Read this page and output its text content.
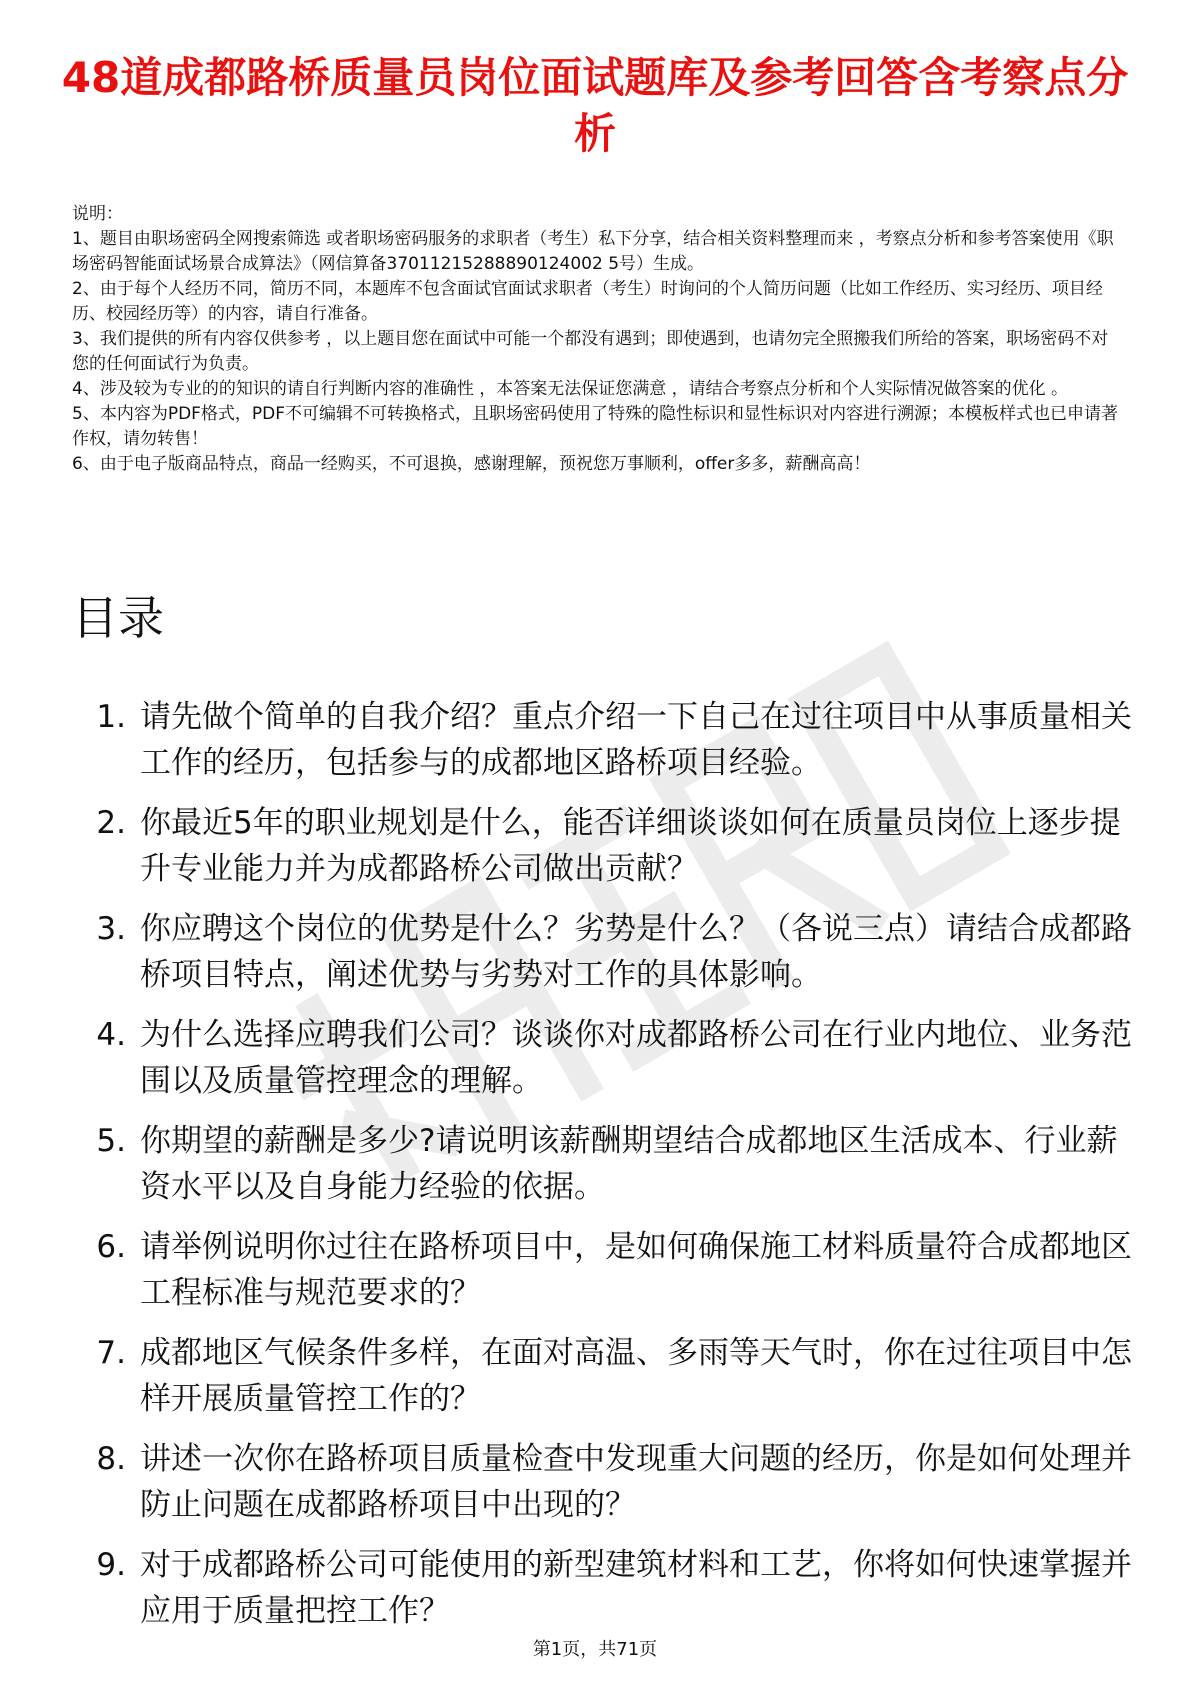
48道成都路桥质量员岗位面试题库及参考回答含考察点分析

说明：

1、题目由职场密码全网搜索筛选 或者职场密码服务的求职者（考生）私下分享，结合相关资料整理而来 ，考察点分析和参考答案使用《职场密码智能面试场景合成算法》（网信算备37011215288890124002 5号）生成。

2、由于每个人经历不同，简历不同，本题库不包含面试官面试求职者（考生）时询问的个人简历问题（比如工作经历、实习经历、项目经历、校园经历等）的内容，请自行准备。

3、我们提供的所有内容仅供参考 ，以上题目您在面试中可能一个都没有遇到；即使遇到，也请勿完全照搬我们所给的答案，职场密码不对您的任何面试行为负责。

4、涉及较为专业的的知识的请自行判断内容的准确性 ，本答案无法保证您满意 ，请结合考察点分析和个人实际情况做答案的优化 。

5、本内容为PDF格式，PDF不可编辑不可转换格式，且职场密码使用了特殊的隐性标识和显性标识对内容进行溯源；本模板样式也已申请著作权，请勿转售！

6、由于电子版商品特点，商品一经购买，不可退换，感谢理解，预祝您万事顺利，offer多多，薪酬高高！

目录
1. 请先做个简单的自我介绍？重点介绍一下自己在过往项目中从事质量相关工作的经历，包括参与的成都地区路桥项目经验。
2. 你最近5年的职业规划是什么，能否详细谈谈如何在质量员岗位上逐步提升专业能力并为成都路桥公司做出贡献？
3. 你应聘这个岗位的优势是什么？劣势是什么？（各说三点）请结合成都路桥项目特点，阐述优势与劣势对工作的具体影响。
4. 为什么选择应聘我们公司？谈谈你对成都路桥公司在行业内地位、业务范围以及质量管控理念的理解。
5. 你期望的薪酬是多少?请说明该薪酬期望结合成都地区生活成本、行业薪资水平以及自身能力经验的依据。
6. 请举例说明你过往在路桥项目中，是如何确保施工材料质量符合成都地区工程标准与规范要求的？
7. 成都地区气候条件多样，在面对高温、多雨等天气时，你在过往项目中怎样开展质量管控工作的？
8. 讲述一次你在路桥项目质量检查中发现重大问题的经历，你是如何处理并防止问题在成都路桥项目中出现的？
9. 对于成都路桥公司可能使用的新型建筑材料和工艺，你将如何快速掌握并应用于质量把控工作？
第1页，共71页
